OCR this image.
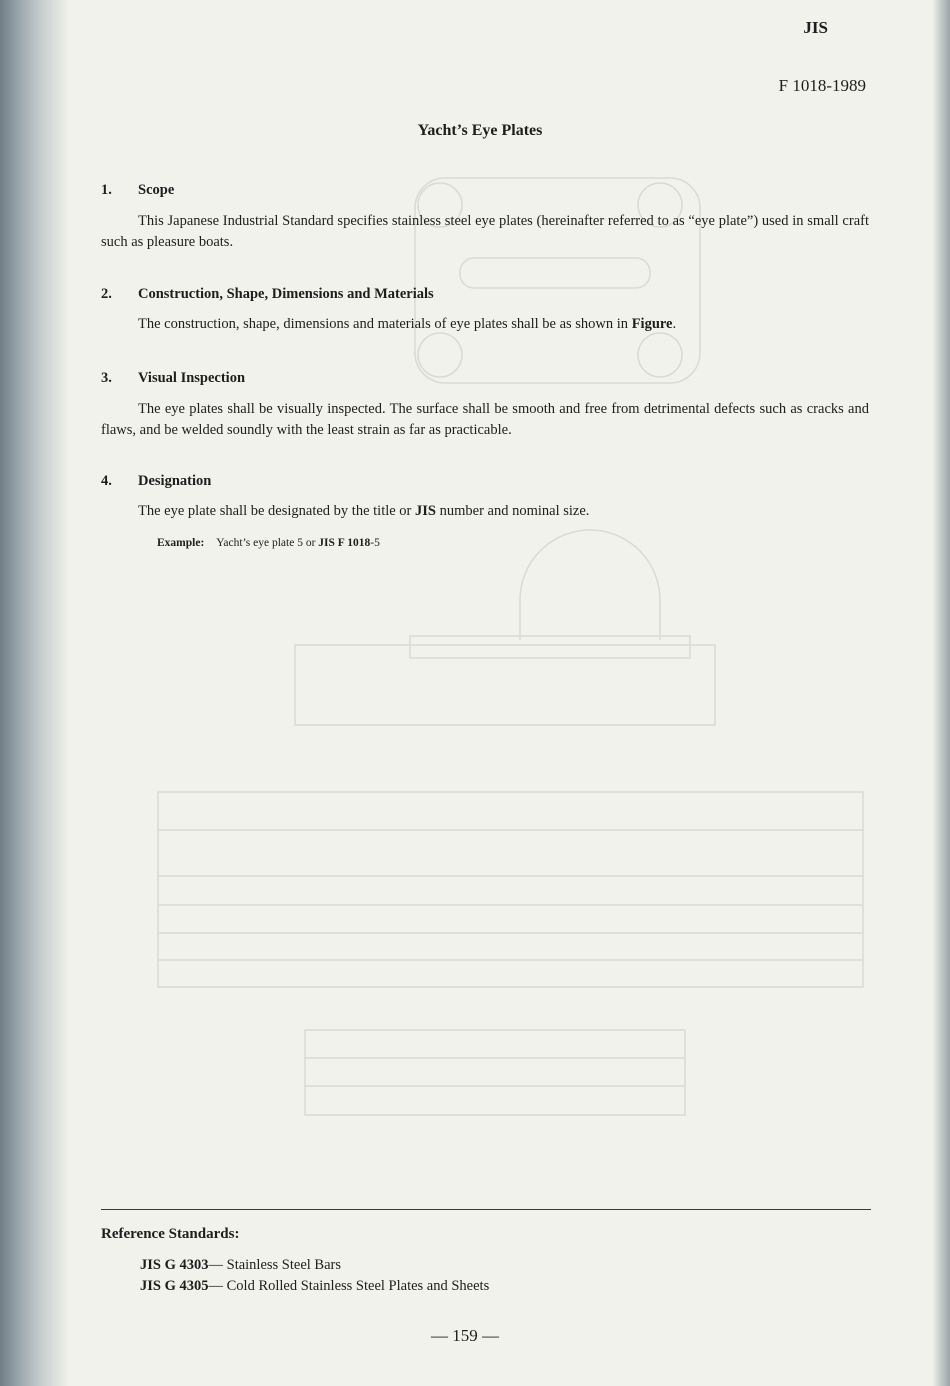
JIS
F 1018-1989
Yacht’s Eye Plates
1. Scope
This Japanese Industrial Standard specifies stainless steel eye plates (hereinafter referred to as “eye plate”) used in small craft such as pleasure boats.
2. Construction, Shape, Dimensions and Materials
The construction, shape, dimensions and materials of eye plates shall be as shown in Figure.
3. Visual Inspection
The eye plates shall be visually inspected. The surface shall be smooth and free from detrimental defects such as cracks and flaws, and be welded soundly with the least strain as far as practicable.
4. Designation
The eye plate shall be designated by the title or JIS number and nominal size.
Example: Yacht’s eye plate 5 or JIS F 1018-5
Reference Standards:
JIS G 4303— Stainless Steel Bars
JIS G 4305— Cold Rolled Stainless Steel Plates and Sheets
— 159 —
